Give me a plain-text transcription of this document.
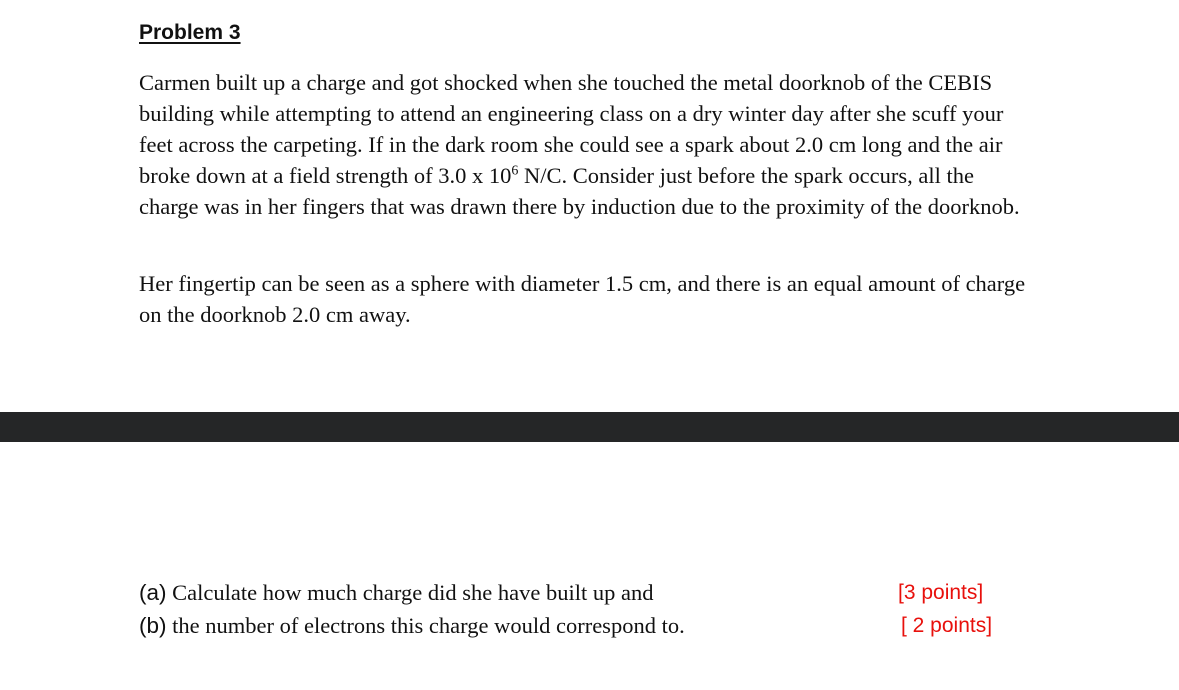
Problem 3

Carmen built up a charge and got shocked when she touched the metal doorknob of the CEBIS building while attempting to attend an engineering class on a dry winter day after she scuff your feet across the carpeting. If in the dark room she could see a spark about 2.0 cm long and the air broke down at a field strength of 3.0 x $10^6$ N/C. Consider just before the spark occurs, all the charge was in her fingers that was drawn there by induction due to the proximity of the doorknob.

Her fingertip can be seen as a sphere with diameter 1.5 cm, and there is an equal amount of charge on the doorknob 2.0 cm away.

(a) Calculate how much charge did she have built up and	[3 points]
(b) the number of electrons this charge would correspond to.	[ 2 points]
